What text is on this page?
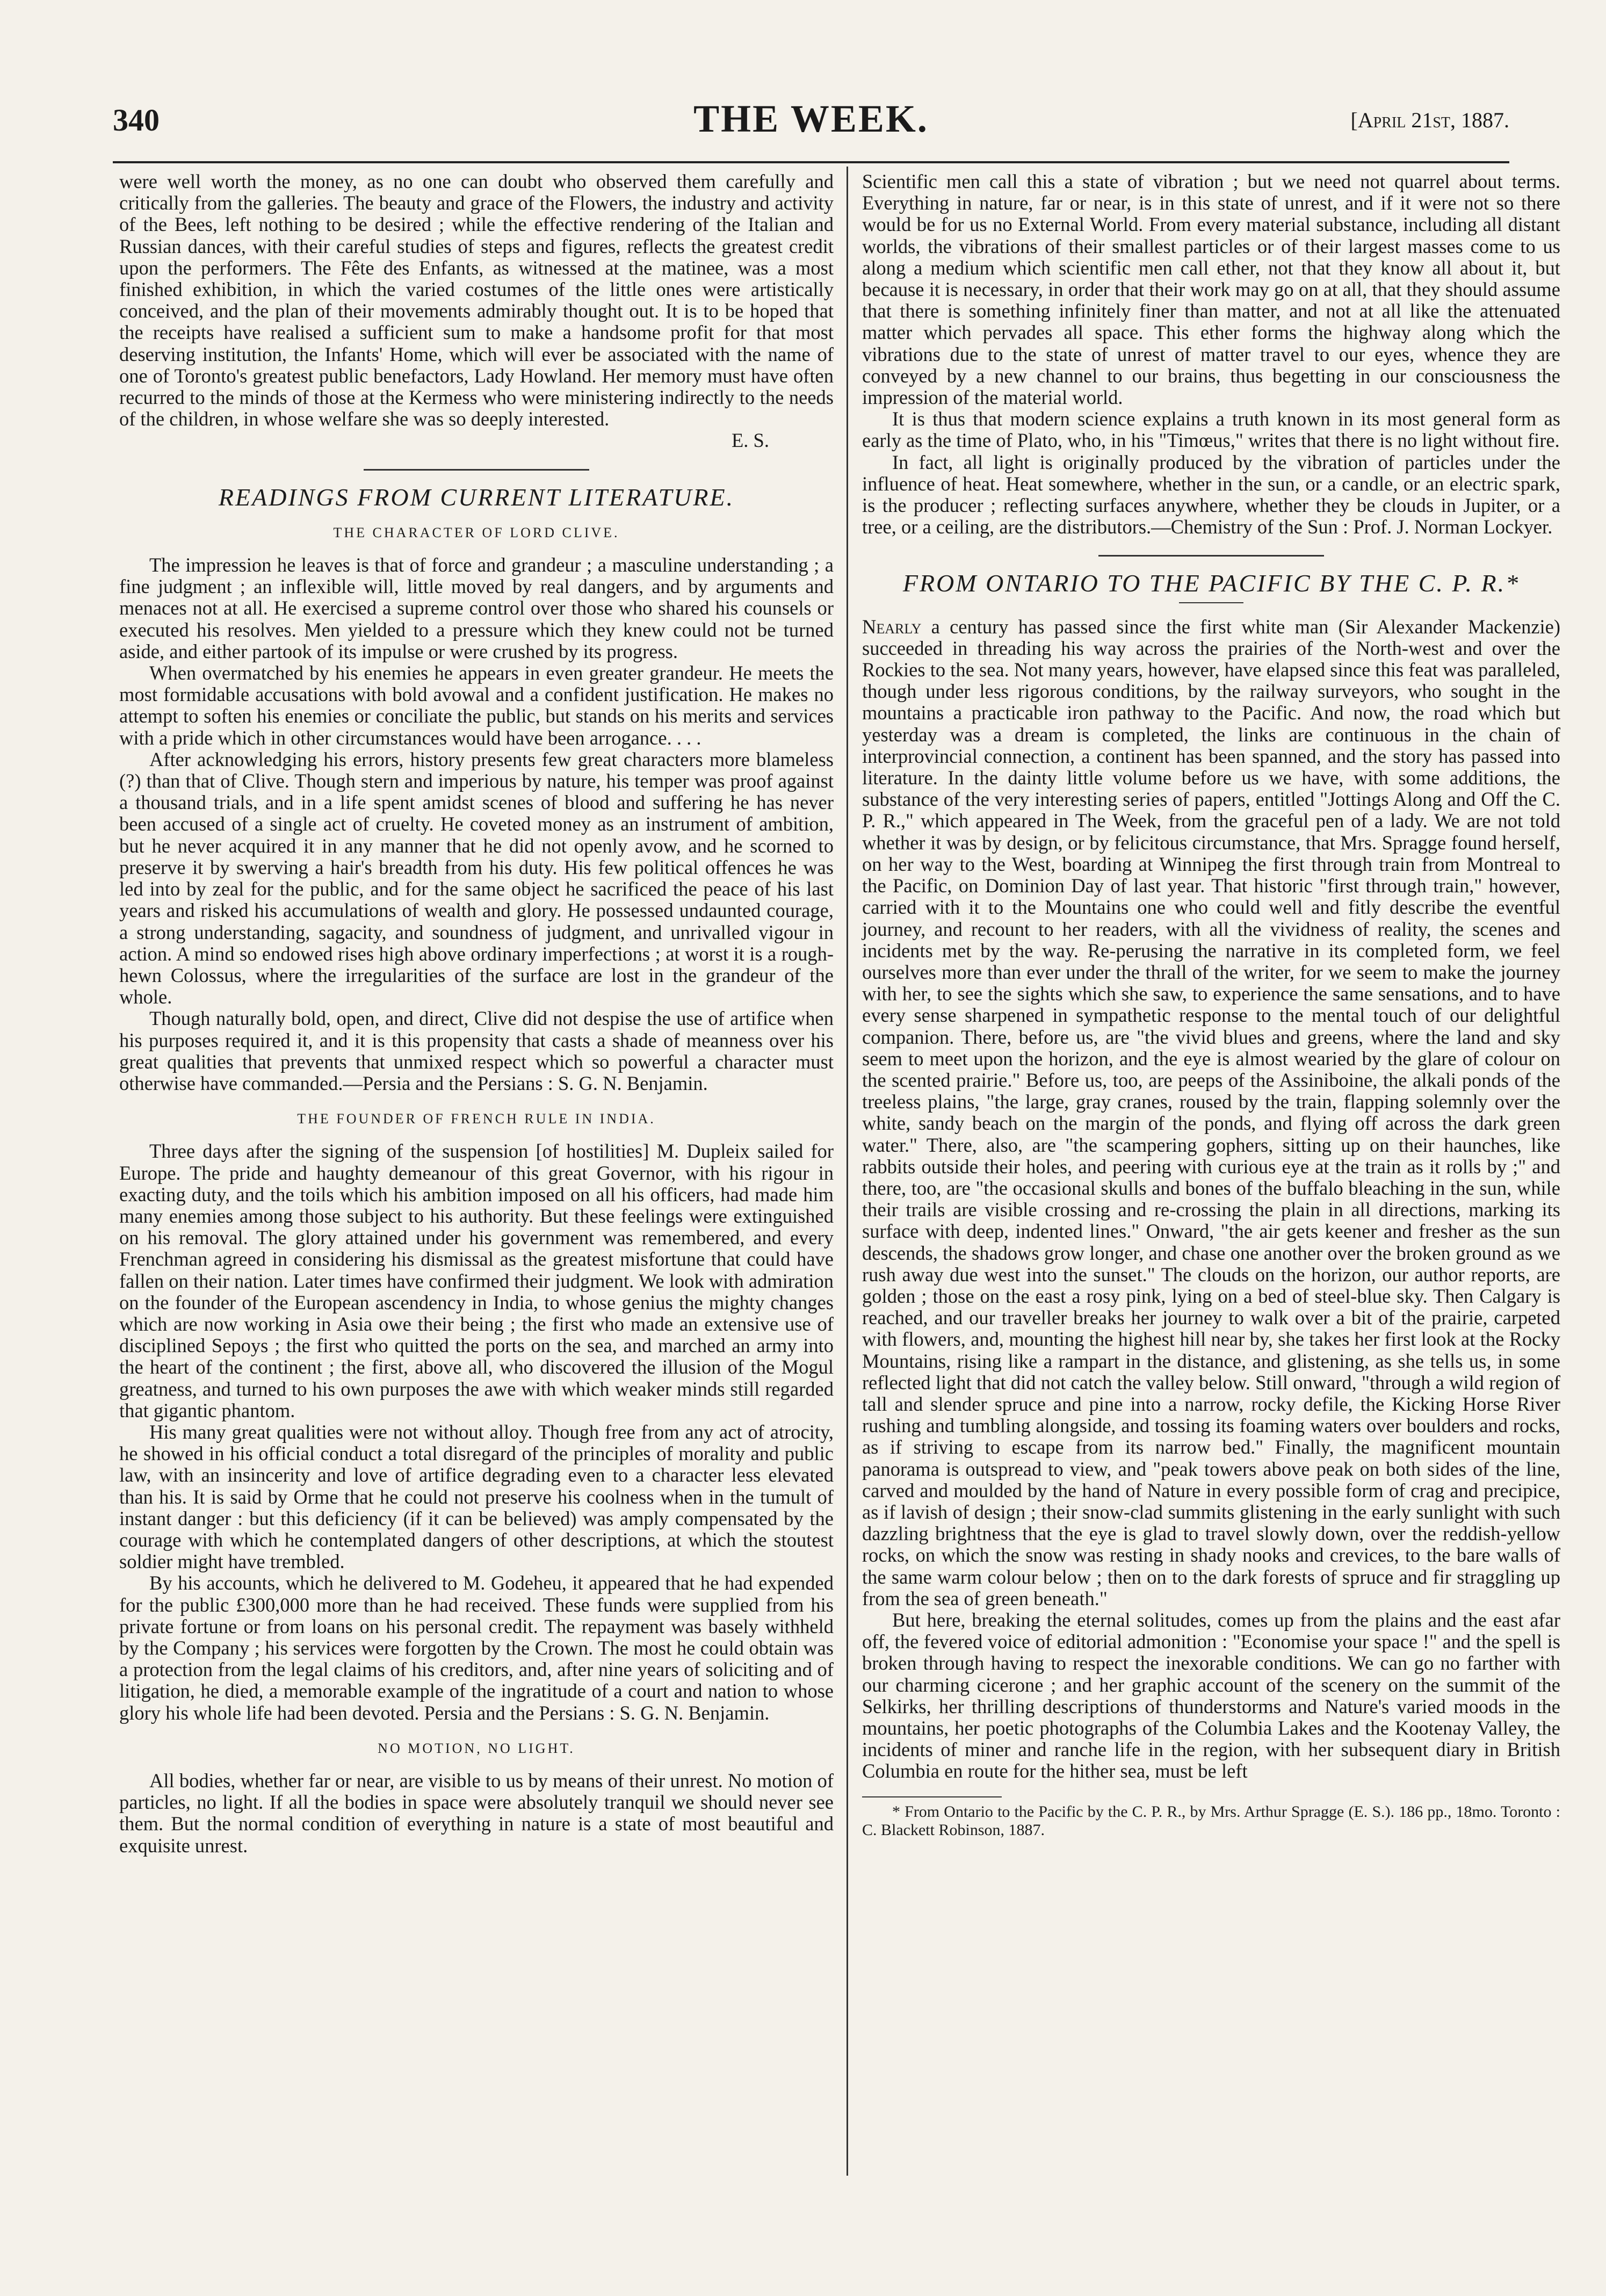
340	THE WEEK.	[April 21st, 1887.

were well worth the money, as no one can doubt who observed them carefully and critically from the galleries. The beauty and grace of the Flowers, the industry and activity of the Bees, left nothing to be desired ; while the effective rendering of the Italian and Russian dances, with their careful studies of steps and figures, reflects the greatest credit upon the performers. The Fête des Enfants, as witnessed at the matinee, was a most finished exhibition, in which the varied costumes of the little ones were artistically conceived, and the plan of their movements admirably thought out. It is to be hoped that the receipts have realised a sufficient sum to make a handsome profit for that most deserving institution, the Infants' Home, which will ever be associated with the name of one of Toronto's greatest public benefactors, Lady Howland. Her memory must have often recurred to the minds of those at the Kermess who were ministering indirectly to the needs of the children, in whose welfare she was so deeply interested.

E. S.
READINGS FROM CURRENT LITERATURE.
THE CHARACTER OF LORD CLIVE.

The impression he leaves is that of force and grandeur ; a masculine understanding ; a fine judgment ; an inflexible will, little moved by real dangers, and by arguments and menaces not at all. He exercised a supreme control over those who shared his counsels or executed his resolves. Men yielded to a pressure which they knew could not be turned aside, and either partook of its impulse or were crushed by its progress.

When overmatched by his enemies he appears in even greater grandeur. He meets the most formidable accusations with bold avowal and a confident justification. He makes no attempt to soften his enemies or conciliate the public, but stands on his merits and services with a pride which in other circumstances would have been arrogance. . . .

After acknowledging his errors, history presents few great characters more blameless (?) than that of Clive. Though stern and imperious by nature, his temper was proof against a thousand trials, and in a life spent amidst scenes of blood and suffering he has never been accused of a single act of cruelty. He coveted money as an instrument of ambition, but he never acquired it in any manner that he did not openly avow, and he scorned to preserve it by swerving a hair's breadth from his duty. His few political offences he was led into by zeal for the public, and for the same object he sacrificed the peace of his last years and risked his accumulations of wealth and glory. He possessed undaunted courage, a strong understanding, sagacity, and soundness of judgment, and unrivalled vigour in action. A mind so endowed rises high above ordinary imperfections ; at worst it is a rough-hewn Colossus, where the irregularities of the surface are lost in the grandeur of the whole.

Though naturally bold, open, and direct, Clive did not despise the use of artifice when his purposes required it, and it is this propensity that casts a shade of meanness over his great qualities that prevents that unmixed respect which so powerful a character must otherwise have commanded.—Persia and the Persians : S. G. N. Benjamin.

THE FOUNDER OF FRENCH RULE IN INDIA.

Three days after the signing of the suspension [of hostilities] M. Dupleix sailed for Europe. The pride and haughty demeanour of this great Governor, with his rigour in exacting duty, and the toils which his ambition imposed on all his officers, had made him many enemies among those subject to his authority. But these feelings were extinguished on his removal. The glory attained under his government was remembered, and every Frenchman agreed in considering his dismissal as the greatest misfortune that could have fallen on their nation. Later times have confirmed their judgment. We look with admiration on the founder of the European ascendency in India, to whose genius the mighty changes which are now working in Asia owe their being ; the first who made an extensive use of disciplined Sepoys ; the first who quitted the ports on the sea, and marched an army into the heart of the continent ; the first, above all, who discovered the illusion of the Mogul greatness, and turned to his own purposes the awe with which weaker minds still regarded that gigantic phantom.

His many great qualities were not without alloy. Though free from any act of atrocity, he showed in his official conduct a total disregard of the principles of morality and public law, with an insincerity and love of artifice degrading even to a character less elevated than his. It is said by Orme that he could not preserve his coolness when in the tumult of instant danger : but this deficiency (if it can be believed) was amply compensated by the courage with which he contemplated dangers of other descriptions, at which the stoutest soldier might have trembled.

By his accounts, which he delivered to M. Godeheu, it appeared that he had expended for the public £300,000 more than he had received. These funds were supplied from his private fortune or from loans on his personal credit. The repayment was basely withheld by the Company ; his services were forgotten by the Crown. The most he could obtain was a protection from the legal claims of his creditors, and, after nine years of soliciting and of litigation, he died, a memorable example of the ingratitude of a court and nation to whose glory his whole life had been devoted. Persia and the Persians : S. G. N. Benjamin.

NO MOTION, NO LIGHT.

All bodies, whether far or near, are visible to us by means of their unrest. No motion of particles, no light. If all the bodies in space were absolutely tranquil we should never see them. But the normal condition of everything in nature is a state of most beautiful and exquisite unrest.

Scientific men call this a state of vibration ; but we need not quarrel about terms. Everything in nature, far or near, is in this state of unrest, and if it were not so there would be for us no External World. From every material substance, including all distant worlds, the vibrations of their smallest particles or of their largest masses come to us along a medium which scientific men call ether, not that they know all about it, but because it is necessary, in order that their work may go on at all, that they should assume that there is something infinitely finer than matter, and not at all like the attenuated matter which pervades all space. This ether forms the highway along which the vibrations due to the state of unrest of matter travel to our eyes, whence they are conveyed by a new channel to our brains, thus begetting in our consciousness the impression of the material world.

It is thus that modern science explains a truth known in its most general form as early as the time of Plato, who, in his "Timœus," writes that there is no light without fire.

In fact, all light is originally produced by the vibration of particles under the influence of heat. Heat somewhere, whether in the sun, or a candle, or an electric spark, is the producer ; reflecting surfaces anywhere, whether they be clouds in Jupiter, or a tree, or a ceiling, are the distributors.—Chemistry of the Sun : Prof. J. Norman Lockyer.

FROM ONTARIO TO THE PACIFIC BY THE C. P. R.*

Nearly a century has passed since the first white man (Sir Alexander Mackenzie) succeeded in threading his way across the prairies of the North-west and over the Rockies to the sea. Not many years, however, have elapsed since this feat was paralleled, though under less rigorous conditions, by the railway surveyors, who sought in the mountains a practicable iron pathway to the Pacific. And now, the road which but yesterday was a dream is completed, the links are continuous in the chain of interprovincial connection, a continent has been spanned, and the story has passed into literature. In the dainty little volume before us we have, with some additions, the substance of the very interesting series of papers, entitled "Jottings Along and Off the C. P. R.," which appeared in The Week, from the graceful pen of a lady. We are not told whether it was by design, or by felicitous circumstance, that Mrs. Spragge found herself, on her way to the West, boarding at Winnipeg the first through train from Montreal to the Pacific, on Dominion Day of last year. That historic "first through train," however, carried with it to the Mountains one who could well and fitly describe the eventful journey, and recount to her readers, with all the vividness of reality, the scenes and incidents met by the way. Re-perusing the narrative in its completed form, we feel ourselves more than ever under the thrall of the writer, for we seem to make the journey with her, to see the sights which she saw, to experience the same sensations, and to have every sense sharpened in sympathetic response to the mental touch of our delightful companion. There, before us, are "the vivid blues and greens, where the land and sky seem to meet upon the horizon, and the eye is almost wearied by the glare of colour on the scented prairie." Before us, too, are peeps of the Assiniboine, the alkali ponds of the treeless plains, "the large, gray cranes, roused by the train, flapping solemnly over the white, sandy beach on the margin of the ponds, and flying off across the dark green water." There, also, are "the scampering gophers, sitting up on their haunches, like rabbits outside their holes, and peering with curious eye at the train as it rolls by ;" and there, too, are "the occasional skulls and bones of the buffalo bleaching in the sun, while their trails are visible crossing and re-crossing the plain in all directions, marking its surface with deep, indented lines." Onward, "the air gets keener and fresher as the sun descends, the shadows grow longer, and chase one another over the broken ground as we rush away due west into the sunset." The clouds on the horizon, our author reports, are golden ; those on the east a rosy pink, lying on a bed of steel-blue sky. Then Calgary is reached, and our traveller breaks her journey to walk over a bit of the prairie, carpeted with flowers, and, mounting the highest hill near by, she takes her first look at the Rocky Mountains, rising like a rampart in the distance, and glistening, as she tells us, in some reflected light that did not catch the valley below. Still onward, "through a wild region of tall and slender spruce and pine into a narrow, rocky defile, the Kicking Horse River rushing and tumbling alongside, and tossing its foaming waters over boulders and rocks, as if striving to escape from its narrow bed." Finally, the magnificent mountain panorama is outspread to view, and "peak towers above peak on both sides of the line, carved and moulded by the hand of Nature in every possible form of crag and precipice, as if lavish of design ; their snow-clad summits glistening in the early sunlight with such dazzling brightness that the eye is glad to travel slowly down, over the reddish-yellow rocks, on which the snow was resting in shady nooks and crevices, to the bare walls of the same warm colour below ; then on to the dark forests of spruce and fir straggling up from the sea of green beneath."

But here, breaking the eternal solitudes, comes up from the plains and the east afar off, the fevered voice of editorial admonition : "Economise your space !" and the spell is broken through having to respect the inexorable conditions. We can go no farther with our charming cicerone ; and her graphic account of the scenery on the summit of the Selkirks, her thrilling descriptions of thunderstorms and Nature's varied moods in the mountains, her poetic photographs of the Columbia Lakes and the Kootenay Valley, the incidents of miner and ranche life in the region, with her subsequent diary in British Columbia en route for the hither sea, must be left

* From Ontario to the Pacific by the C. P. R., by Mrs. Arthur Spragge (E. S.). 186 pp., 18mo. Toronto : C. Blackett Robinson, 1887.
